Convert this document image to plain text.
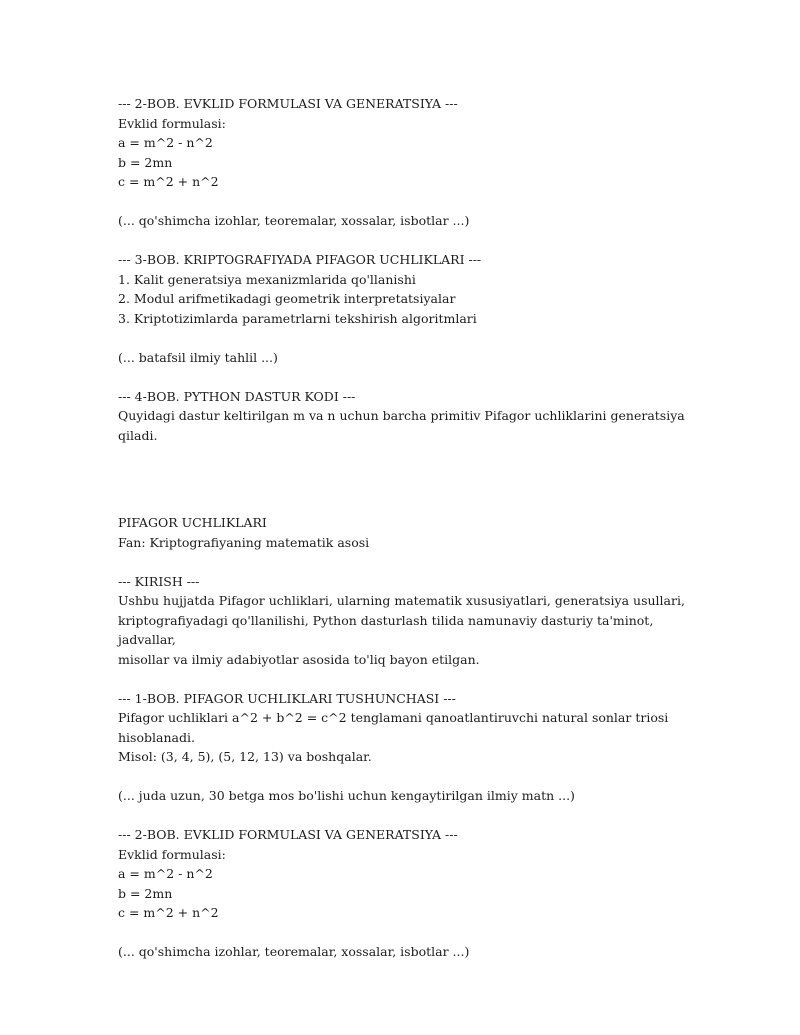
--- 2-BOB. EVKLID FORMULASI VA GENERATSIYA ---
Evklid formulasi:
a = m^2 - n^2
b = 2mn
c = m^2 + n^2
(... qo'shimcha izohlar, teoremalar, xossalar, isbotlar ...)
--- 3-BOB. KRIPTOGRAFIYADA PIFAGOR UCHLIKLARI ---
1. Kalit generatsiya mexanizmlarida qo'llanishi
2. Modul arifmetikadagi geometrik interpretatsiyalar
3. Kriptotizimlarda parametrlarni tekshirish algoritmlari
(... batafsil ilmiy tahlil ...)
--- 4-BOB. PYTHON DASTUR KODI ---
Quyidagi dastur keltirilgan m va n uchun barcha primitiv Pifagor uchliklarini generatsiya
qiladi.
PIFAGOR UCHLIKLARI
Fan: Kriptografiyaning matematik asosi
--- KIRISH ---
Ushbu hujjatda Pifagor uchliklari, ularning matematik xususiyatlari, generatsiya usullari,
kriptografiyadagi qo'llanilishi, Python dasturlash tilida namunaviy dasturiy ta'minot, jadvallar,
misollar va ilmiy adabiyotlar asosida to'liq bayon etilgan.
--- 1-BOB. PIFAGOR UCHLIKLARI TUSHUNCHASI ---
Pifagor uchliklari a^2 + b^2 = c^2 tenglamani qanoatlantiruvchi natural sonlar triosi
hisoblanadi.
Misol: (3, 4, 5), (5, 12, 13) va boshqalar.
(... juda uzun, 30 betga mos bo'lishi uchun kengaytirilgan ilmiy matn ...)
--- 2-BOB. EVKLID FORMULASI VA GENERATSIYA ---
Evklid formulasi:
a = m^2 - n^2
b = 2mn
c = m^2 + n^2
(... qo'shimcha izohlar, teoremalar, xossalar, isbotlar ...)
